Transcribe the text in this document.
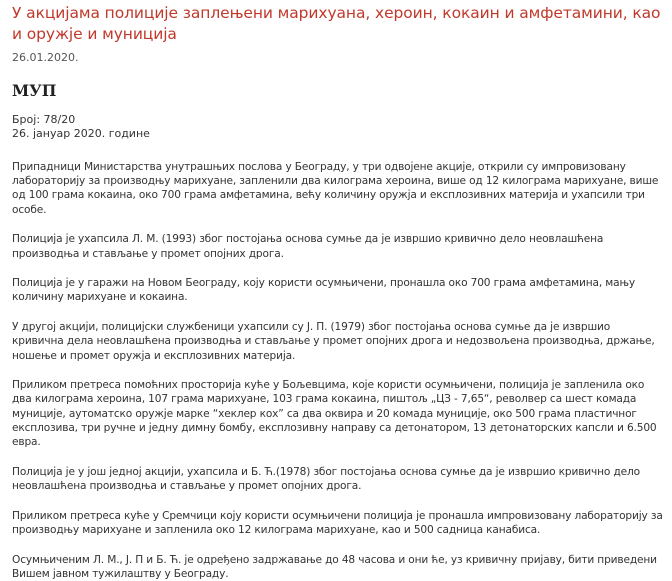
У акцијама полиције заплењени марихуана, хероин, кокаин и амфетамини, као и оружје и муниција
26.01.2020.
МУП
Број: 78/20
26. јануар 2020. године

Припадници Министарства унутрашњих послова у Београду, у три одвојене акције, открили су импровизовану лабораторију за производњу марихуане, запленили два килограма хероина, више од 12 килограма марихуане, више од 100 грама кокаина, око 700 грама амфетамина, већу количину оружја и експлозивних материја и ухапсили три особе.

Полиција је ухапсила Л. М. (1993) због постојања основа сумње да је извршио кривично дело неовлашћена производња и стављање у промет опојних дрога.

Полиција је у гаражи на Новом Београду, коју користи осумњичени, пронашла око 700 грама амфетамина, мању количину марихуане и кокаина.

У другој акцији, полицијски службеници ухапсили су Ј. П. (1979) због постојања основа сумње да је извршио кривична дела неовлашћена производња и стављање у промет опојних дрога и недозвољена производња, држање, ношење и промет оружја и експлозивних материја.

Приликом претреса помоћних просторија куће у Бољевцима, које користи осумњичени, полиција је запленила око два килограма хероина, 107 грама марихуане, 103 грама кокаина, пиштољ „ЦЗ - 7,65“, револвер са шест комада муниције, аутоматско оружје марке “хеклер кох” са два оквира и 20 комада муниције, око 500 грама пластичног експлозива, три ручне и једну димну бомбу, експлозивну направу са детонатором, 13 детонаторских капсли и 6.500 евра.

Полиција је у још једној акцији, ухапсила и Б. Ћ.(1978) због постојања основа сумње да је извршио кривично дело неовлашћена производња и стављање у промет опојних дрога.

Приликом претреса куће у Сремчици коју користи осумњичени полиција је пронашла импровизовану лабораторију за производњу марихуане и запленила око 12 килограма марихуане, као и 500 садница канабиса.

Осумњиченим Л. М., Ј. П и Б. Ћ. је одређено задржавање до 48 часова и они ће, уз кривичну пријаву, бити приведени Вишем јавном тужилаштву у Београду.
